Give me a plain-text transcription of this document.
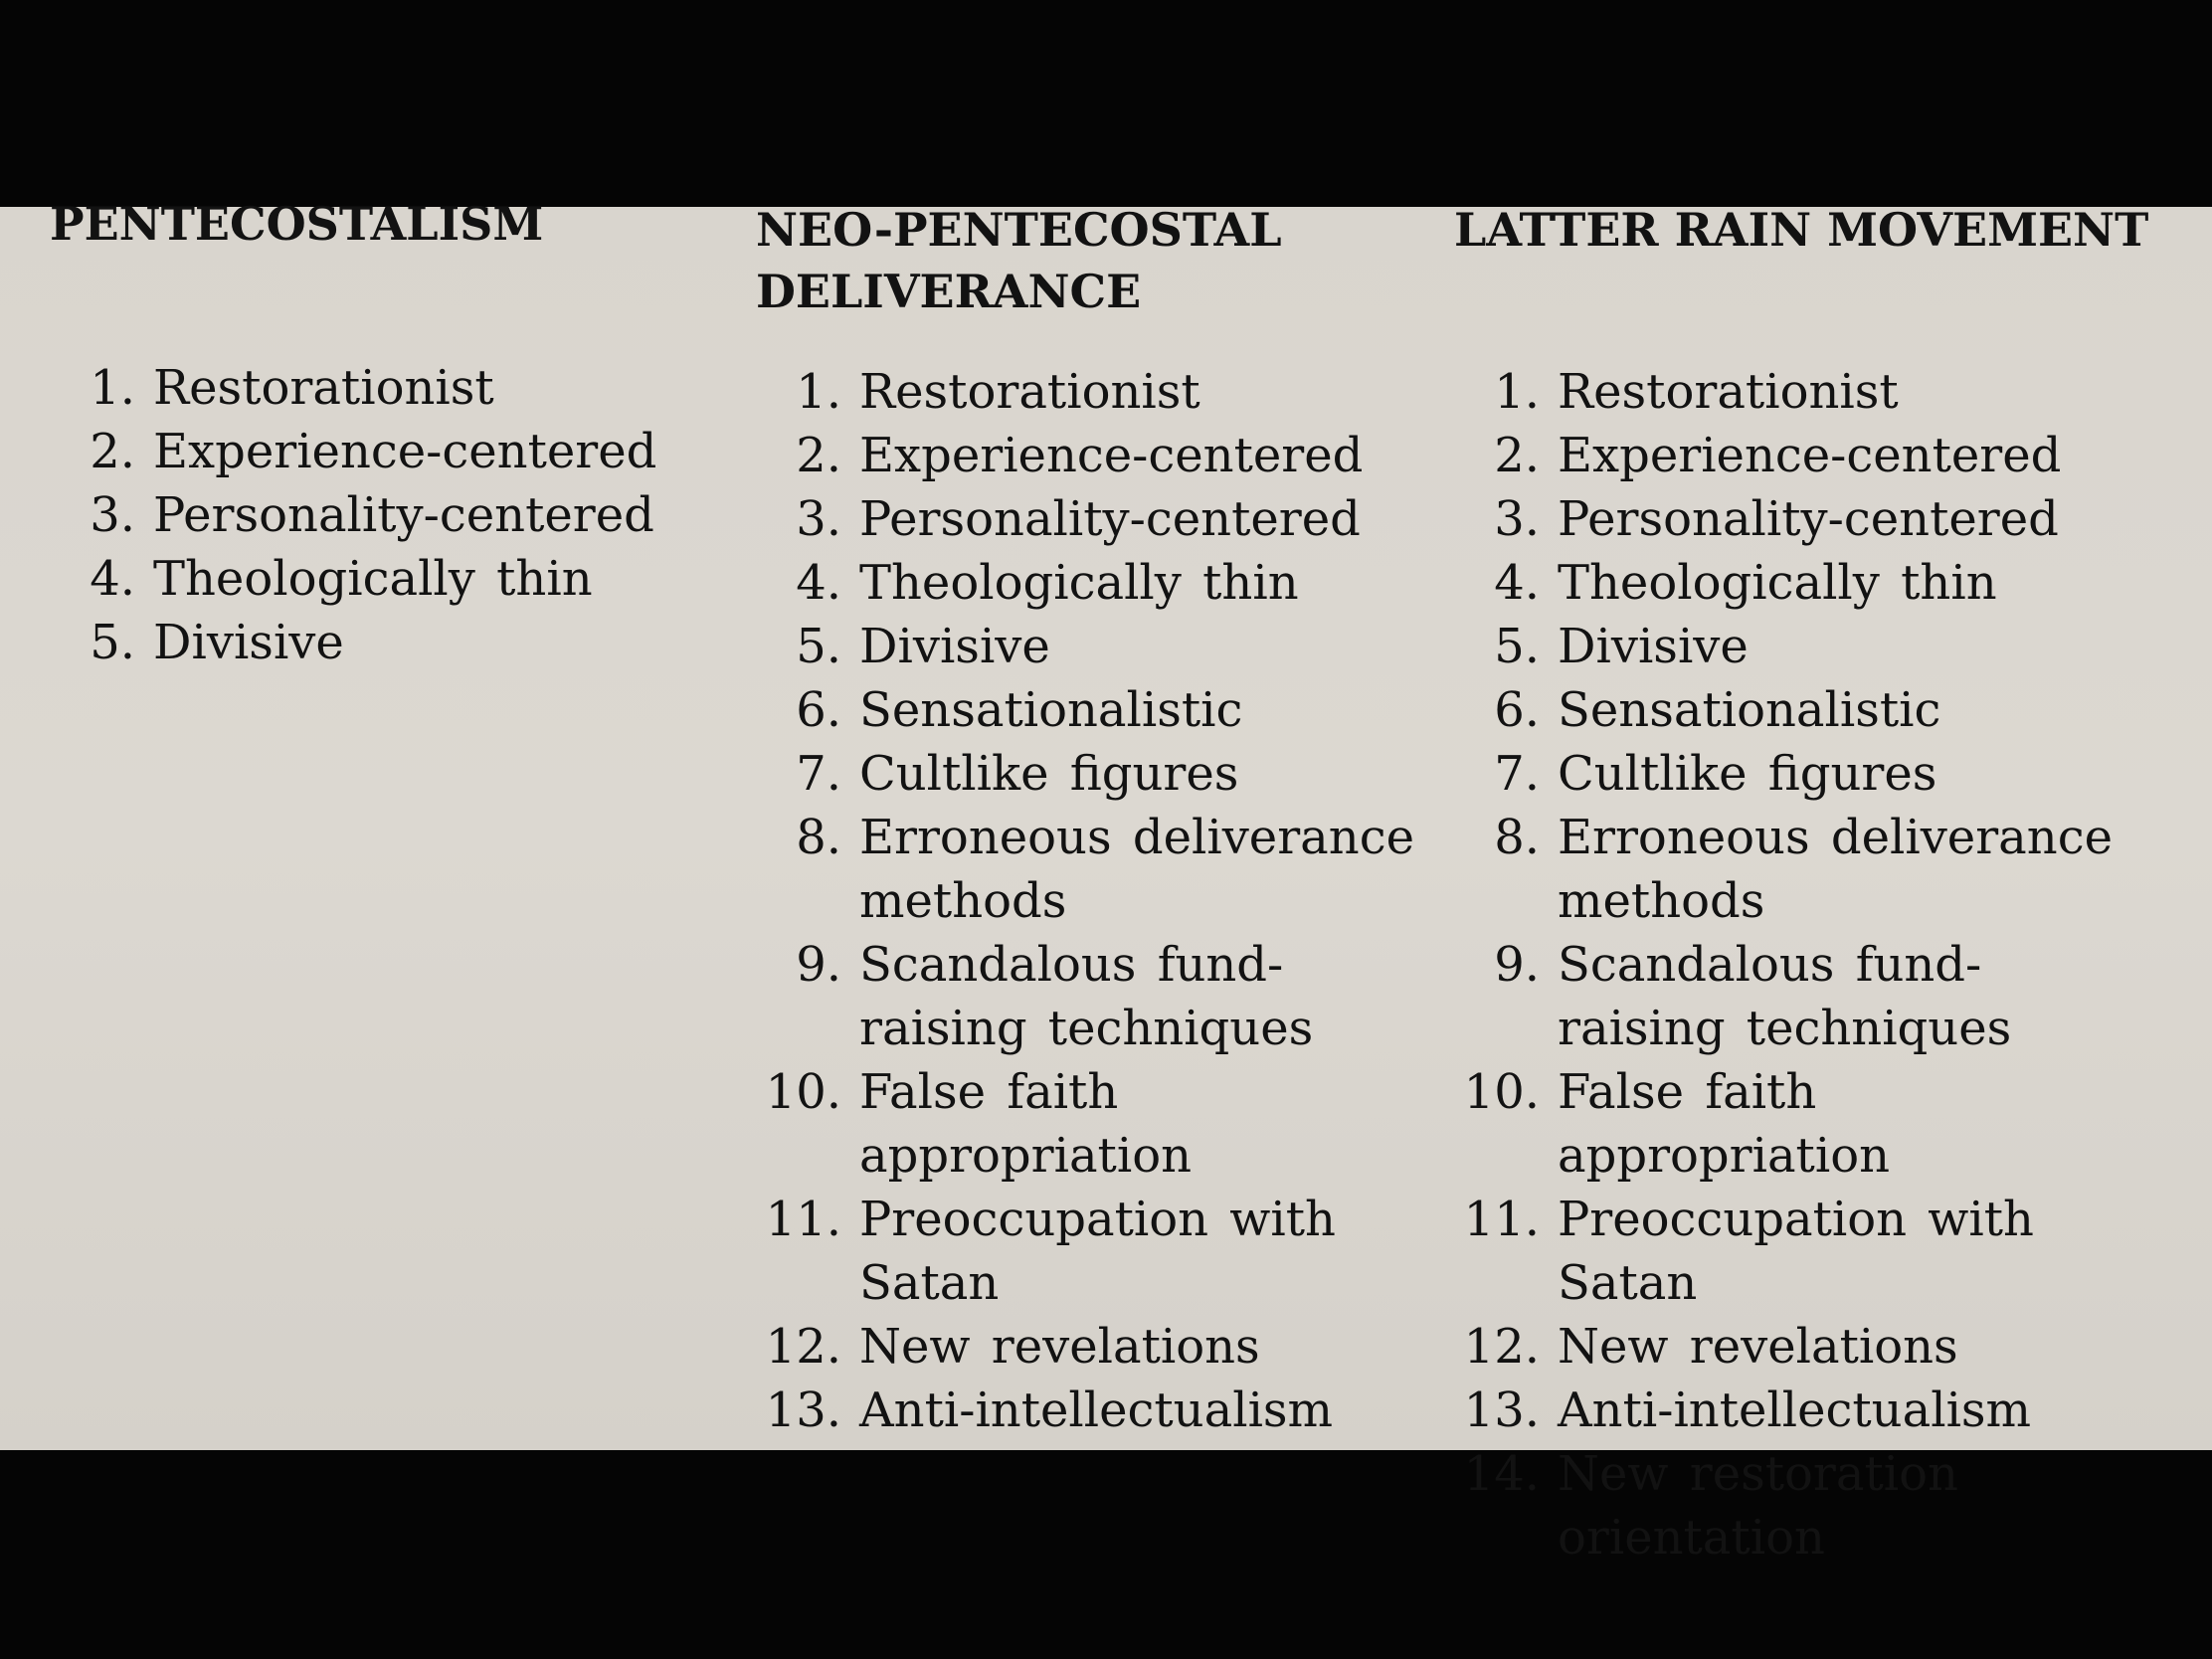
PENTECOSTALISM
1. Restorationist
2. Experience-centered
3. Personality-centered
4. Theologically thin
5. Divisive
NEO-PENTECOSTAL DELIVERANCE
1. Restorationist
2. Experience-centered
3. Personality-centered
4. Theologically thin
5. Divisive
6. Sensationalistic
7. Cultlike figures
8. Erroneous deliverance methods
9. Scandalous fund-raising techniques
10. False faith appropriation
11. Preoccupation with Satan
12. New revelations
13. Anti-intellectualism
LATTER RAIN MOVEMENT
1. Restorationist
2. Experience-centered
3. Personality-centered
4. Theologically thin
5. Divisive
6. Sensationalistic
7. Cultlike figures
8. Erroneous deliverance methods
9. Scandalous fund-raising techniques
10. False faith appropriation
11. Preoccupation with Satan
12. New revelations
13. Anti-intellectualism
14. New restoration orientation
